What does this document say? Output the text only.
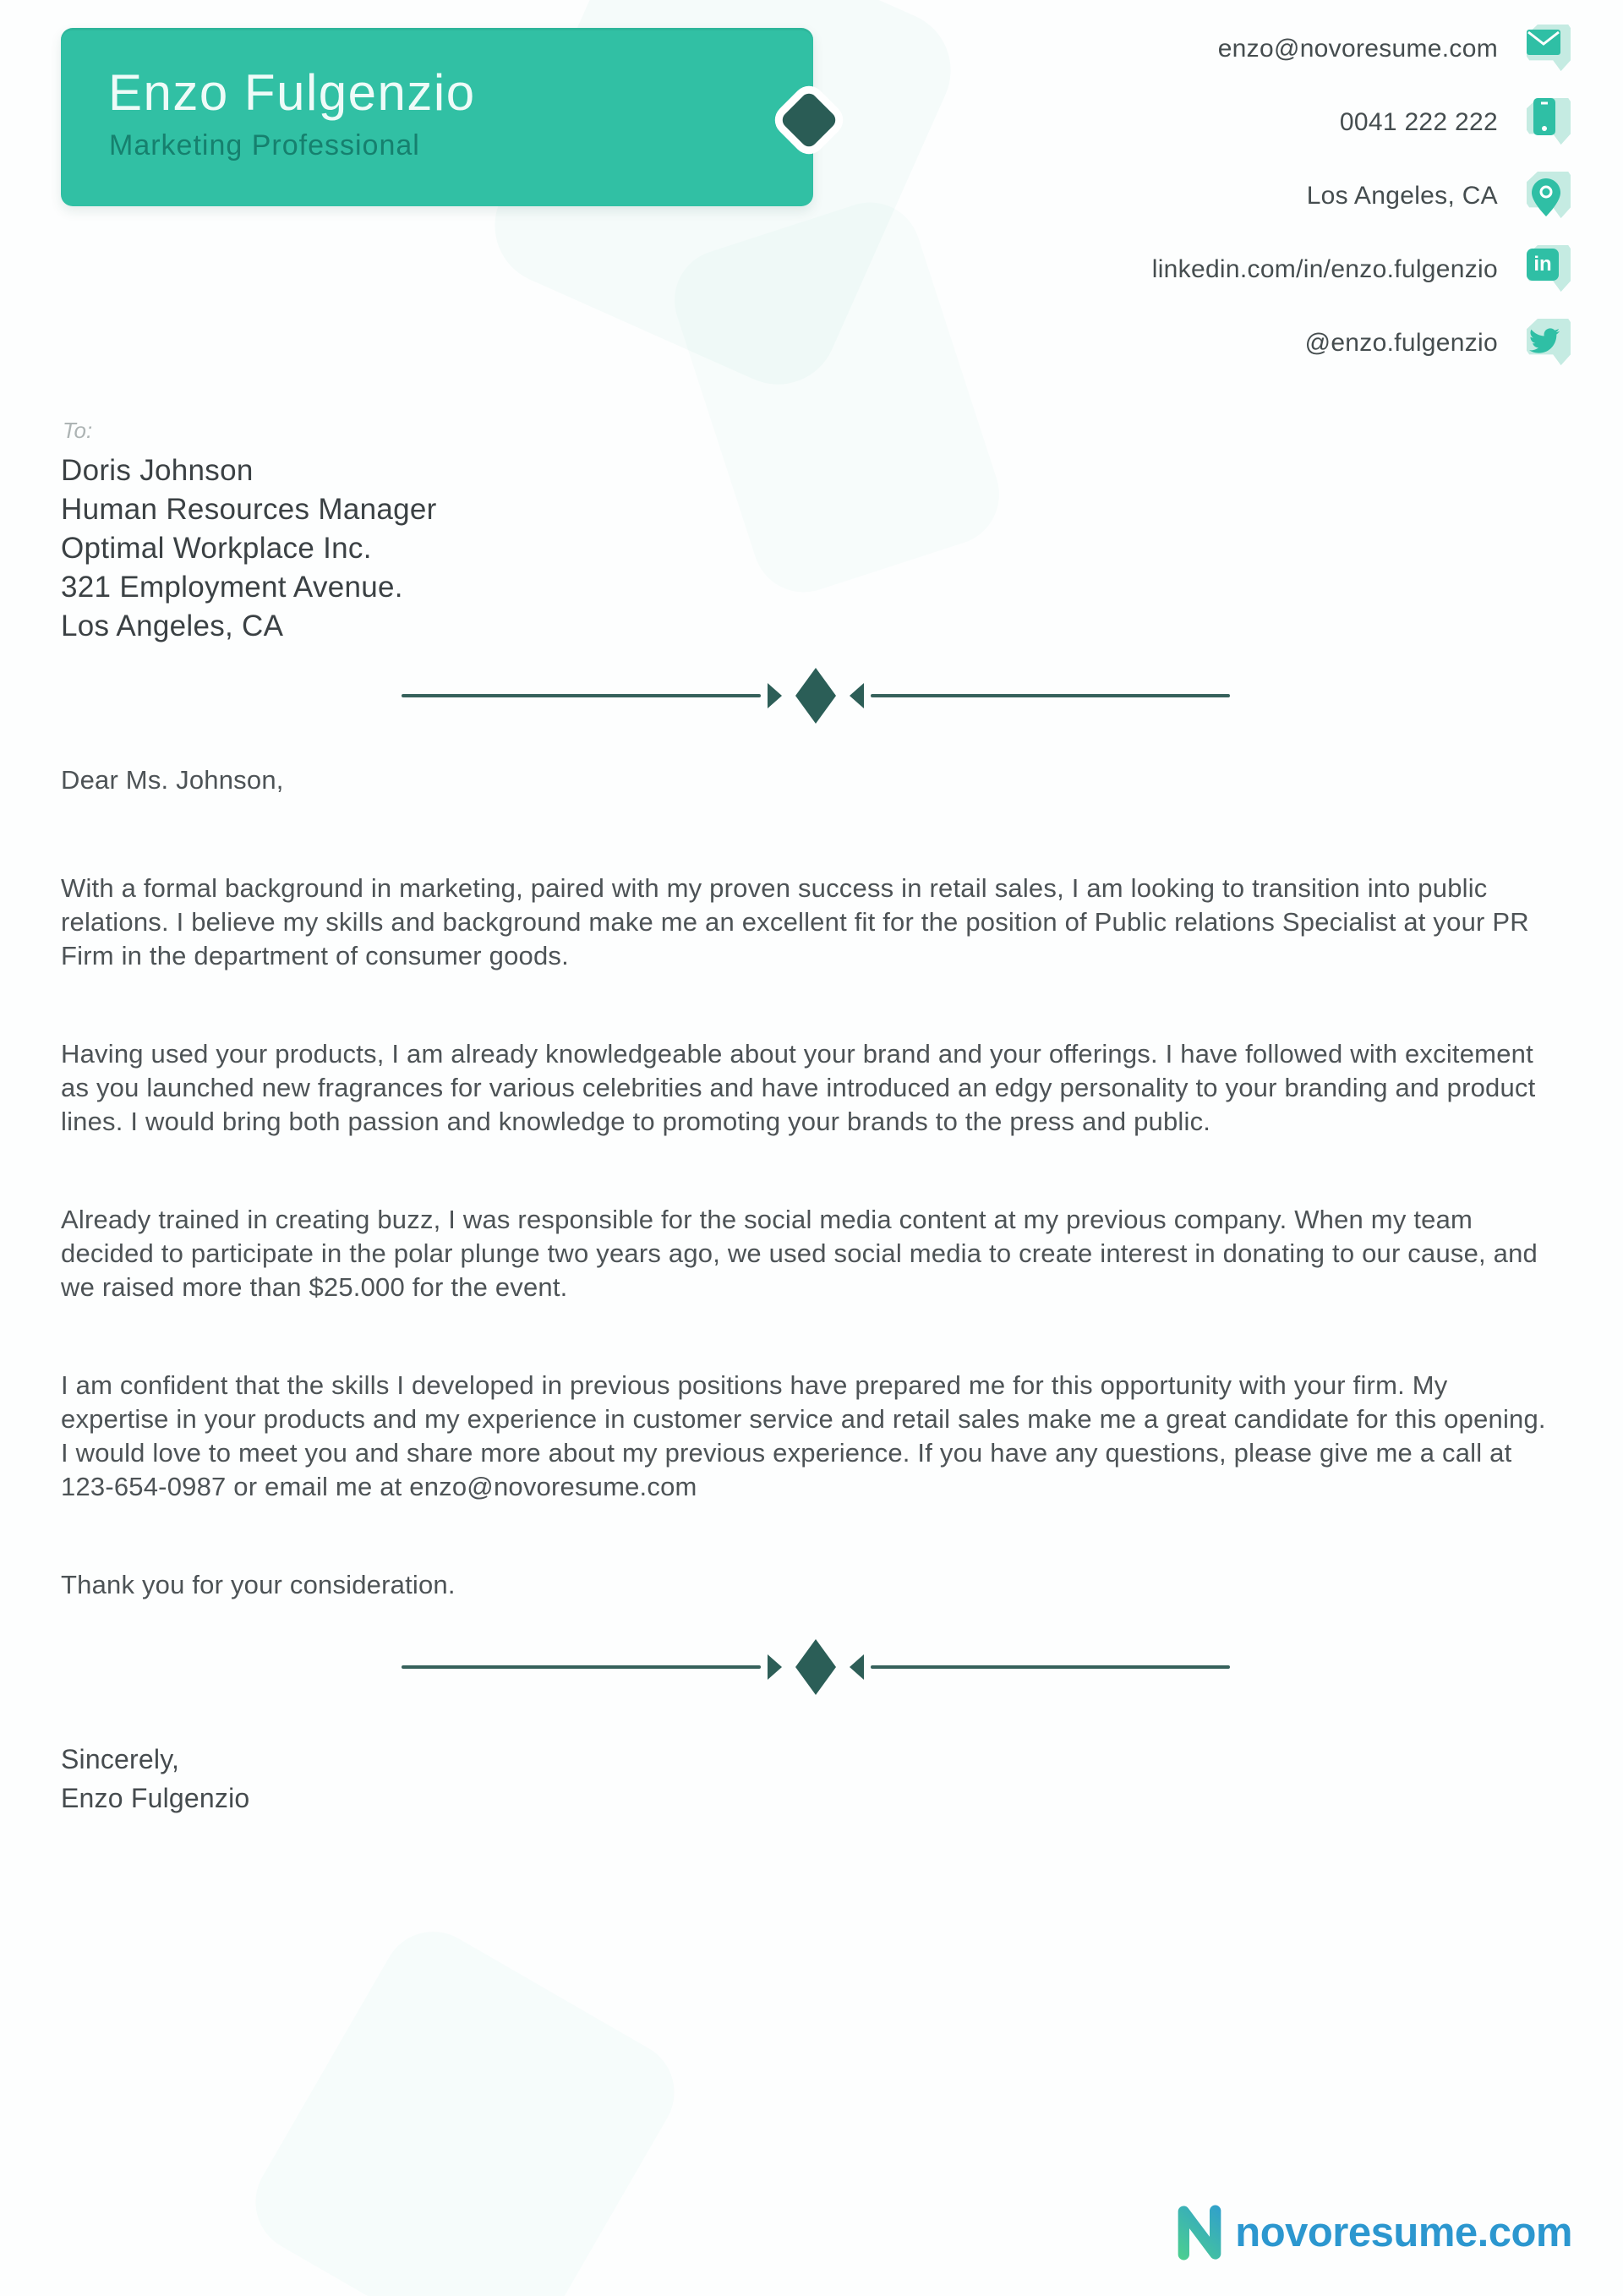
Enzo Fulgenzio
Marketing Professional
enzo@novoresume.com
0041 222 222
Los Angeles, CA
linkedin.com/in/enzo.fulgenzio	in
@enzo.fulgenzio
To:
Doris Johnson
Human Resources Manager
Optimal Workplace Inc.
321 Employment Avenue.
Los Angeles, CA

Dear Ms. Johnson,

With a formal background in marketing, paired with my proven success in retail sales, I am looking to transition into public relations. I believe my skills and background make me an excellent fit for the position of Public relations Specialist at your PR Firm in the department of consumer goods.

Having used your products, I am already knowledgeable about your brand and your offerings. I have followed with excitement as you launched new fragrances for various celebrities and have introduced an edgy personality to your branding and product lines. I would bring both passion and knowledge to promoting your brands to the press and public.

Already trained in creating buzz, I was responsible for the social media content at my previous company. When my team decided to participate in the polar plunge two years ago, we used social media to create interest in donating to our cause, and we raised more than $25.000 for the event.

I am confident that the skills I developed in previous positions have prepared me for this opportunity with your firm. My expertise in your products and my experience in customer service and retail sales make me a great candidate for this opening. I would love to meet you and share more about my previous experience. If you have any questions, please give me a call at 123-654-0987 or email me at enzo@novoresume.com

Thank you for your consideration.

Sincerely,
Enzo Fulgenzio
novoresume.com
